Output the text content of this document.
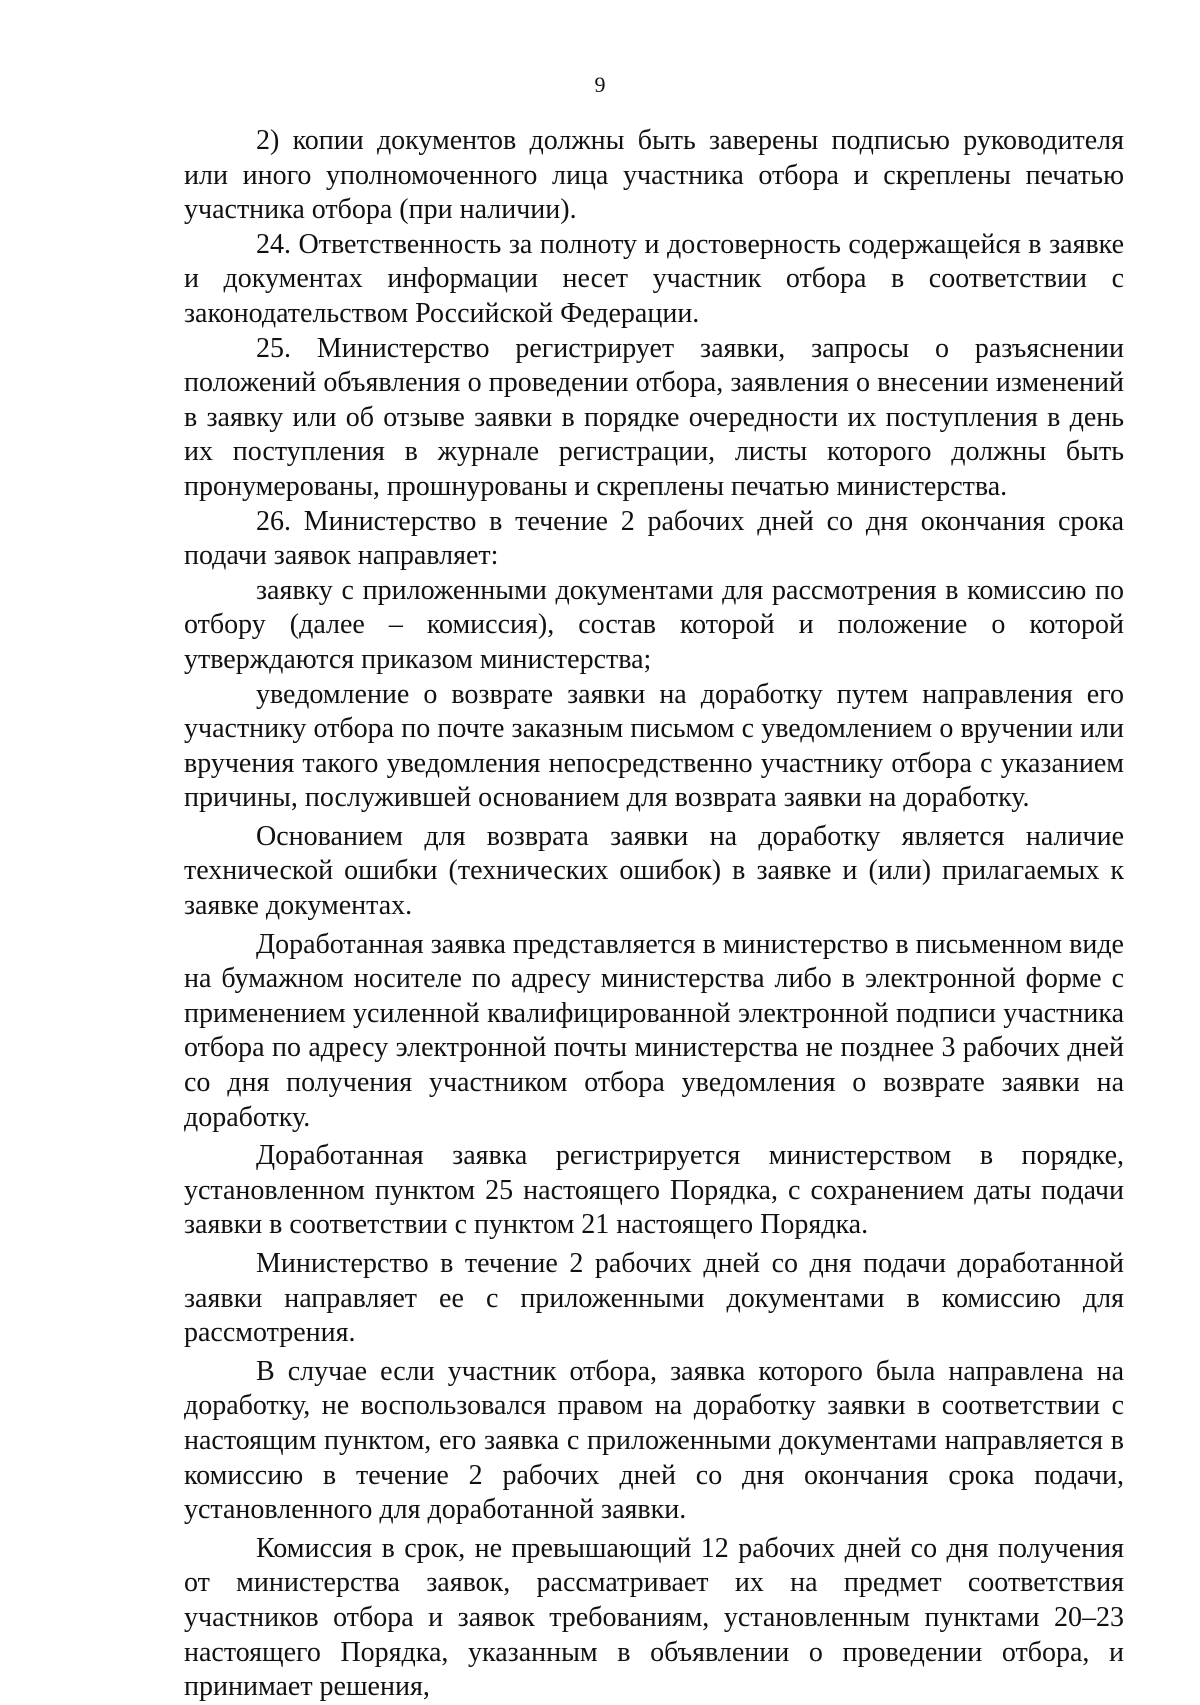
9

2) копии документов должны быть заверены подписью руководителя или иного уполномоченного лица участника отбора и скреплены печатью участника отбора (при наличии).

24. Ответственность за полноту и достоверность содержащейся в заявке и документах информации несет участник отбора в соответствии с законодательством Российской Федерации.

25. Министерство регистрирует заявки, запросы о разъяснении положений объявления о проведении отбора, заявления о внесении изменений в заявку или об отзыве заявки в порядке очередности их поступления в день их поступления в журнале регистрации, листы которого должны быть пронумерованы, прошнурованы и скреплены печатью министерства.

26. Министерство в течение 2 рабочих дней со дня окончания срока подачи заявок направляет:

заявку с приложенными документами для рассмотрения в комиссию по отбору (далее – комиссия), состав которой и положение о которой утверждаются приказом министерства;

уведомление о возврате заявки на доработку путем направления его участнику отбора по почте заказным письмом с уведомлением о вручении или вручения такого уведомления непосредственно участнику отбора с указанием причины, послужившей основанием для возврата заявки на доработку.

Основанием для возврата заявки на доработку является наличие технической ошибки (технических ошибок) в заявке и (или) прилагаемых к заявке документах.

Доработанная заявка представляется в министерство в письменном виде на бумажном носителе по адресу министерства либо в электронной форме с применением усиленной квалифицированной электронной подписи участника отбора по адресу электронной почты министерства не позднее 3 рабочих дней со дня получения участником отбора уведомления о возврате заявки на доработку.

Доработанная заявка регистрируется министерством в порядке, установленном пунктом 25 настоящего Порядка, с сохранением даты подачи заявки в соответствии с пунктом 21 настоящего Порядка.

Министерство в течение 2 рабочих дней со дня подачи доработанной заявки направляет ее с приложенными документами в комиссию для рассмотрения.

В случае если участник отбора, заявка которого была направлена на доработку, не воспользовался правом на доработку заявки в соответствии с настоящим пунктом, его заявка с приложенными документами направляется в комиссию в течение 2 рабочих дней со дня окончания срока подачи, установленного для доработанной заявки.

Комиссия в срок, не превышающий 12 рабочих дней со дня получения от министерства заявок, рассматривает их на предмет соответствия участников отбора и заявок требованиям, установленным пунктами 20–23 настоящего Порядка, указанным в объявлении о проведении отбора, и принимает решения,
